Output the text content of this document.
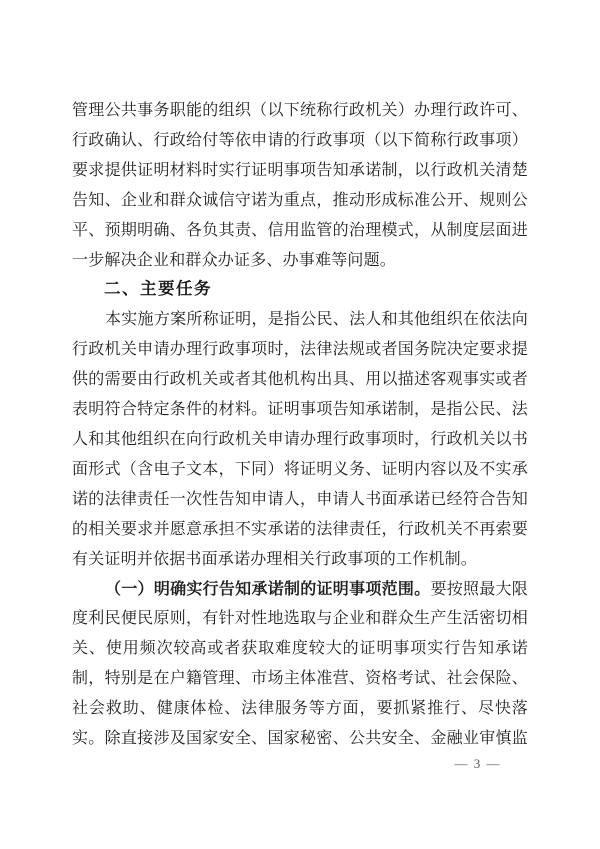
管理公共事务职能的组织（以下统称行政机关）办理行政许可、
行政确认、行政给付等依申请的行政事项（以下简称行政事项）
要求提供证明材料时实行证明事项告知承诺制，以行政机关清楚
告知、企业和群众诚信守诺为重点，推动形成标准公开、规则公
平、预期明确、各负其责、信用监管的治理模式，从制度层面进
一步解决企业和群众办证多、办事难等问题。
二、主要任务
本实施方案所称证明，是指公民、法人和其他组织在依法向
行政机关申请办理行政事项时，法律法规或者国务院决定要求提
供的需要由行政机关或者其他机构出具、用以描述客观事实或者
表明符合特定条件的材料。证明事项告知承诺制，是指公民、法
人和其他组织在向行政机关申请办理行政事项时，行政机关以书
面形式（含电子文本，下同）将证明义务、证明内容以及不实承
诺的法律责任一次性告知申请人，申请人书面承诺已经符合告知
的相关要求并愿意承担不实承诺的法律责任，行政机关不再索要
有关证明并依据书面承诺办理相关行政事项的工作机制。
（一）明确实行告知承诺制的证明事项范围。要按照最大限
度利民便民原则，有针对性地选取与企业和群众生产生活密切相
关、使用频次较高或者获取难度较大的证明事项实行告知承诺
制，特别是在户籍管理、市场主体准营、资格考试、社会保险、
社会救助、健康体检、法律服务等方面，要抓紧推行、尽快落
实。除直接涉及国家安全、国家秘密、公共安全、金融业审慎监
— 3 —
